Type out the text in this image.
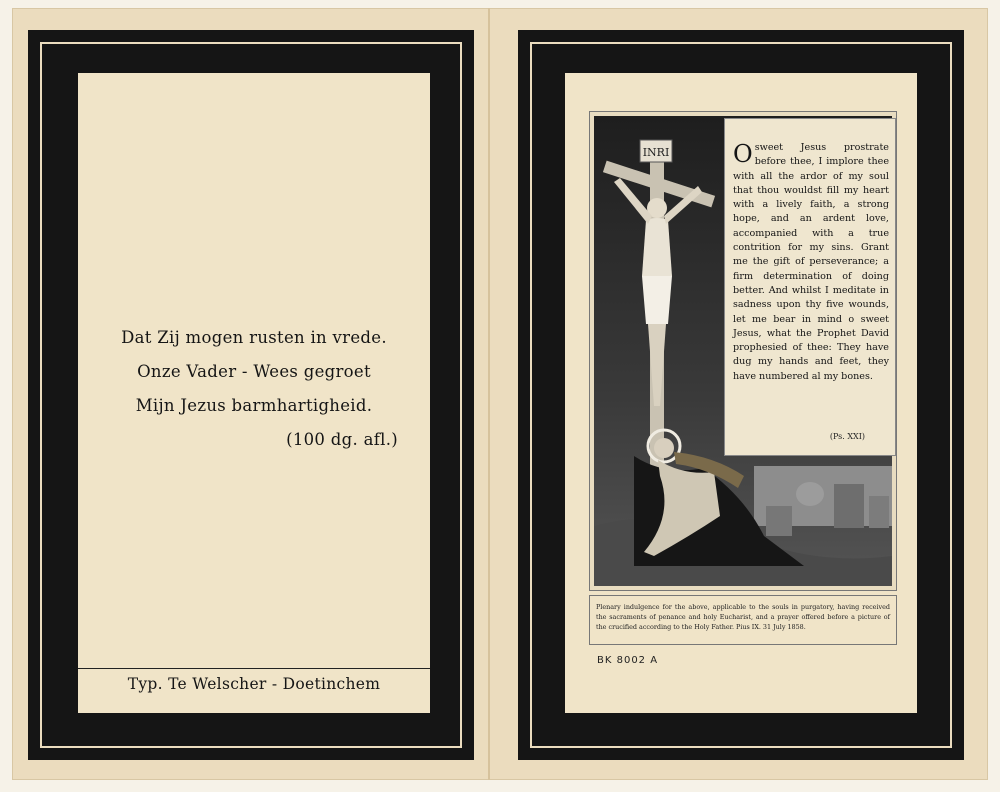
Dat Zij mogen rusten in vrede.
Onze Vader - Wees gegroet
Mijn Jezus barmhartigheid.
(100 dg. afl.)
Typ. Te Welscher - Doetinchem
INRI	O sweet Jesus prostrate before thee, I implore thee with all the ardor of my soul that thou wouldst fill my heart with a lively faith, a strong hope, and an ardent love, accompanied with a true contrition for my sins. Grant me the gift of perseverance; a firm determination of doing better. And whilst I meditate in sadness upon thy five wounds, let me bear in mind o sweet Jesus, what the Prophet David prophesied of thee: They have dug my hands and feet, they have numbered al my bones.
(Ps. XXI)
Plenary indulgence for the above, applicable to the souls in purgatory, having received the sacraments of penance and holy Eucharist, and a prayer offered before a picture of the crucified according to the Holy Father. Pius IX. 31 July 1858.
BK 8002 A
